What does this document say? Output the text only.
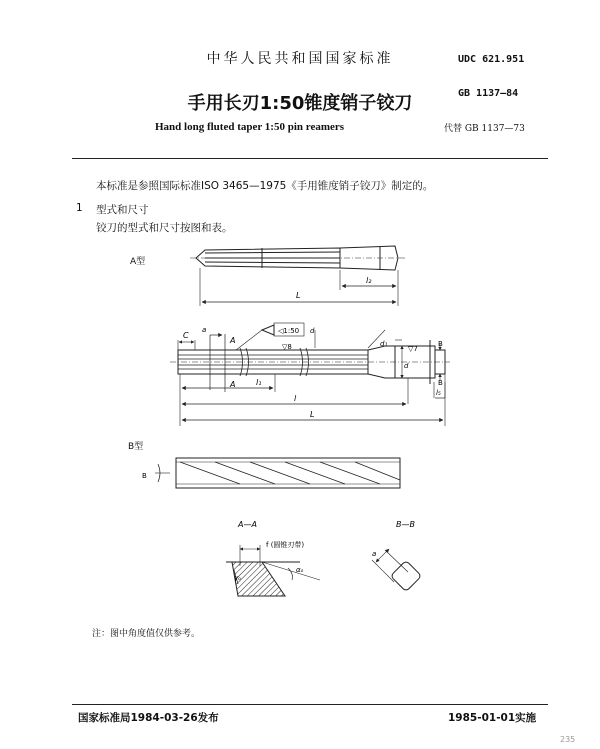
中华人民共和国国家标准	UDC 621.951
手用长刃1:50锥度销子铰刀	GB 1137—84
Hand long fluted taper 1:50 pin reamers	代替 GB 1137—73
本标准是参照国际标准ISO 3465—1975《手用锥度销子铰刀》制定的。
1 型式和尺寸
铰刀的型式和尺寸按图和表。
A型
B型
L
l₂
C
a
A
A
◁1:50
▽8	▽7
d
d₁
d
B
B
l₁
l
L
l₅
B
A—A
f (圆锥刃带)
αₒ
γₒ
B—B
a
注：图中角度值仅供参考。
国家标准局1984-03-26发布	1985-01-01实施
235
